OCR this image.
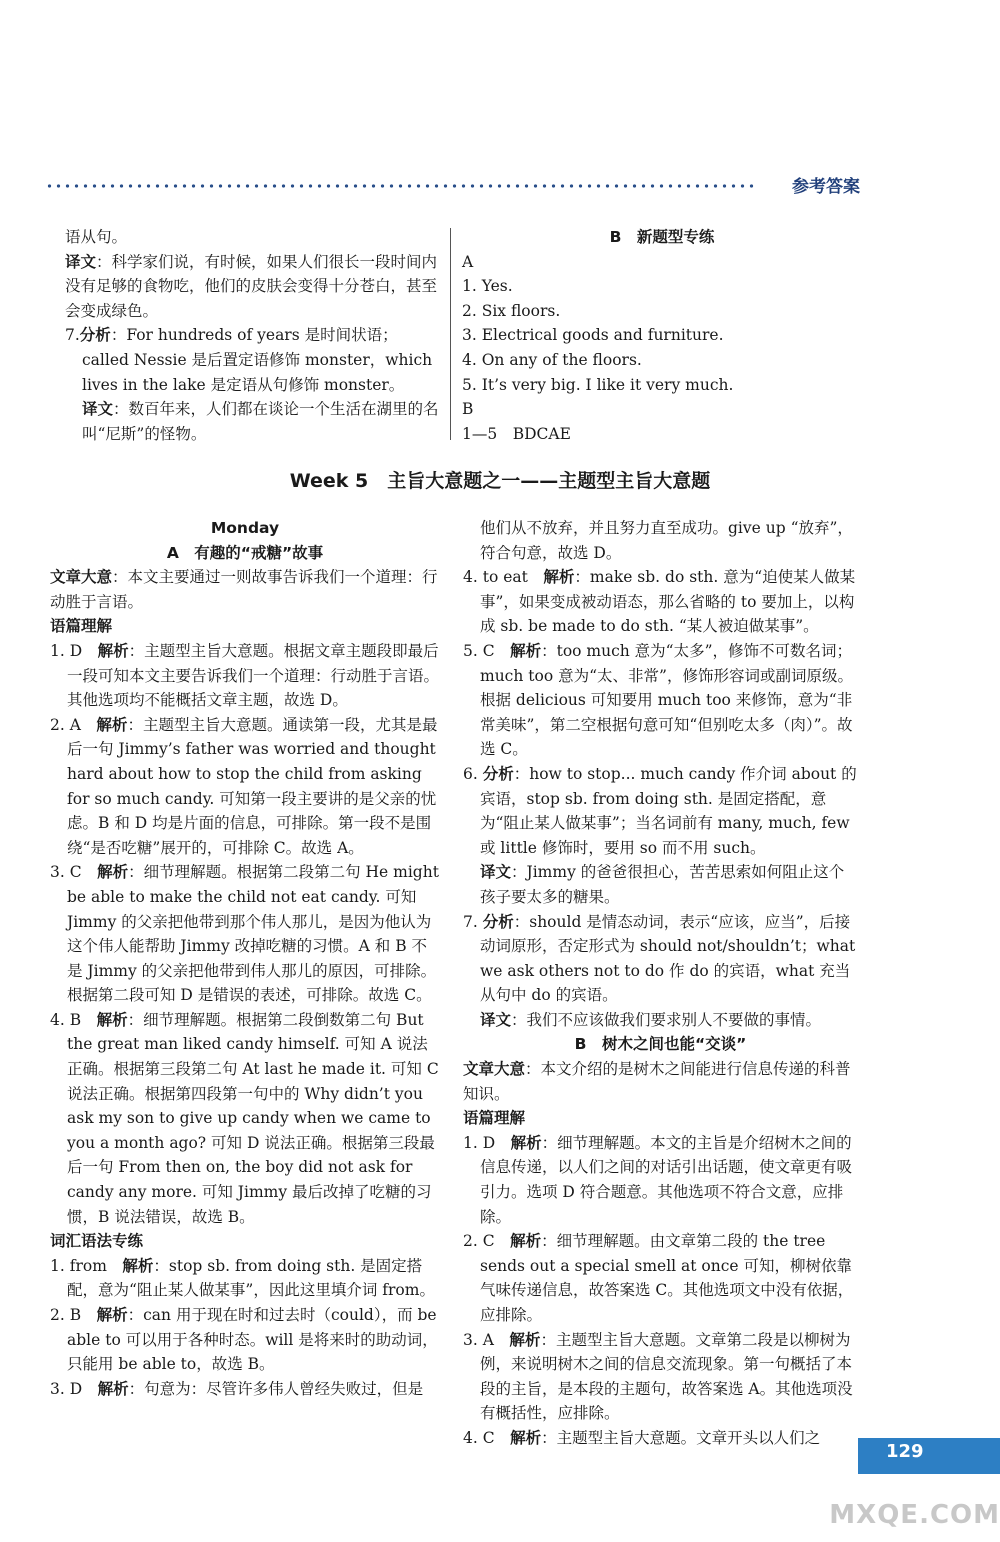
参考答案

语从句。

译文：科学家们说，有时候，如果人们很长一段时间内没有足够的食物吃，他们的皮肤会变得十分苍白，甚至会变成绿色。

7.分析：For hundreds of years 是时间状语；called Nessie 是后置定语修饰 monster，which lives in the lake 是定语从句修饰 monster。

译文：数百年来，人们都在谈论一个生活在湖里的名叫“尼斯”的怪物。

B　新题型专练

A

1. Yes.

2. Six floors.

3. Electrical goods and furniture.

4. On any of the floors.

5. It’s very big. I like it very much.

B

1—5　BDCAE

Week 5　主旨大意题之一——主题型主旨大意题

Monday

A　有趣的“戒糖”故事

文章大意：本文主要通过一则故事告诉我们一个道理：行动胜于言语。

语篇理解

1. D　解析：主题型主旨大意题。根据文章主题段即最后一段可知本文主要告诉我们一个道理：行动胜于言语。其他选项均不能概括文章主题，故选 D。

2. A　解析：主题型主旨大意题。通读第一段，尤其是最后一句 Jimmy’s father was worried and thought hard about how to stop the child from asking for so much candy. 可知第一段主要讲的是父亲的忧虑。B 和 D 均是片面的信息，可排除。第一段不是围绕“是否吃糖”展开的，可排除 C。故选 A。

3. C　解析：细节理解题。根据第二段第二句 He might be able to make the child not eat candy. 可知 Jimmy 的父亲把他带到那个伟人那儿，是因为他认为这个伟人能帮助 Jimmy 改掉吃糖的习惯。A 和 B 不是 Jimmy 的父亲把他带到伟人那儿的原因，可排除。根据第二段可知 D 是错误的表述，可排除。故选 C。

4. B　解析：细节理解题。根据第二段倒数第二句 But the great man liked candy himself. 可知 A 说法正确。根据第三段第二句 At last he made it. 可知 C 说法正确。根据第四段第一句中的 Why didn’t you ask my son to give up candy when we came to you a month ago? 可知 D 说法正确。根据第三段最后一句 From then on, the boy did not ask for candy any more. 可知 Jimmy 最后改掉了吃糖的习惯，B 说法错误，故选 B。

词汇语法专练

1. from　解析：stop sb. from doing sth. 是固定搭配，意为“阻止某人做某事”，因此这里填介词 from。

2. B　解析：can 用于现在时和过去时（could），而 be able to 可以用于各种时态。will 是将来时的助动词，只能用 be able to，故选 B。

3. D　解析：句意为：尽管许多伟人曾经失败过，但是

他们从不放弃，并且努力直至成功。give up “放弃”，符合句意，故选 D。

4. to eat　解析：make sb. do sth. 意为“迫使某人做某事”，如果变成被动语态，那么省略的 to 要加上，以构成 sb. be made to do sth. “某人被迫做某事”。

5. C　解析：too much 意为“太多”，修饰不可数名词；much too 意为“太、非常”，修饰形容词或副词原级。根据 delicious 可知要用 much too 来修饰，意为“非常美味”，第二空根据句意可知“但别吃太多（肉）”。故选 C。

6. 分析：how to stop... much candy 作介词 about 的宾语，stop sb. from doing sth. 是固定搭配，意为“阻止某人做某事”；当名词前有 many, much, few 或 little 修饰时，要用 so 而不用 such。

译文：Jimmy 的爸爸很担心，苦苦思索如何阻止这个孩子要太多的糖果。

7. 分析：should 是情态动词，表示“应该，应当”，后接动词原形，否定形式为 should not/shouldn’t；what we ask others not to do 作 do 的宾语，what 充当从句中 do 的宾语。

译文：我们不应该做我们要求别人不要做的事情。

B　树木之间也能“交谈”

文章大意：本文介绍的是树木之间能进行信息传递的科普知识。

语篇理解

1. D　解析：细节理解题。本文的主旨是介绍树木之间的信息传递，以人们之间的对话引出话题，使文章更有吸引力。选项 D 符合题意。其他选项不符合文意，应排除。

2. C　解析：细节理解题。由文章第二段的 the tree sends out a special smell at once 可知，柳树依靠气味传递信息，故答案选 C。其他选项文中没有依据，应排除。

3. A　解析：主题型主旨大意题。文章第二段是以柳树为例，来说明树木之间的信息交流现象。第一句概括了本段的主旨，是本段的主题句，故答案选 A。其他选项没有概括性，应排除。

4. C　解析：主题型主旨大意题。文章开头以人们之

129
MXQE.COM
